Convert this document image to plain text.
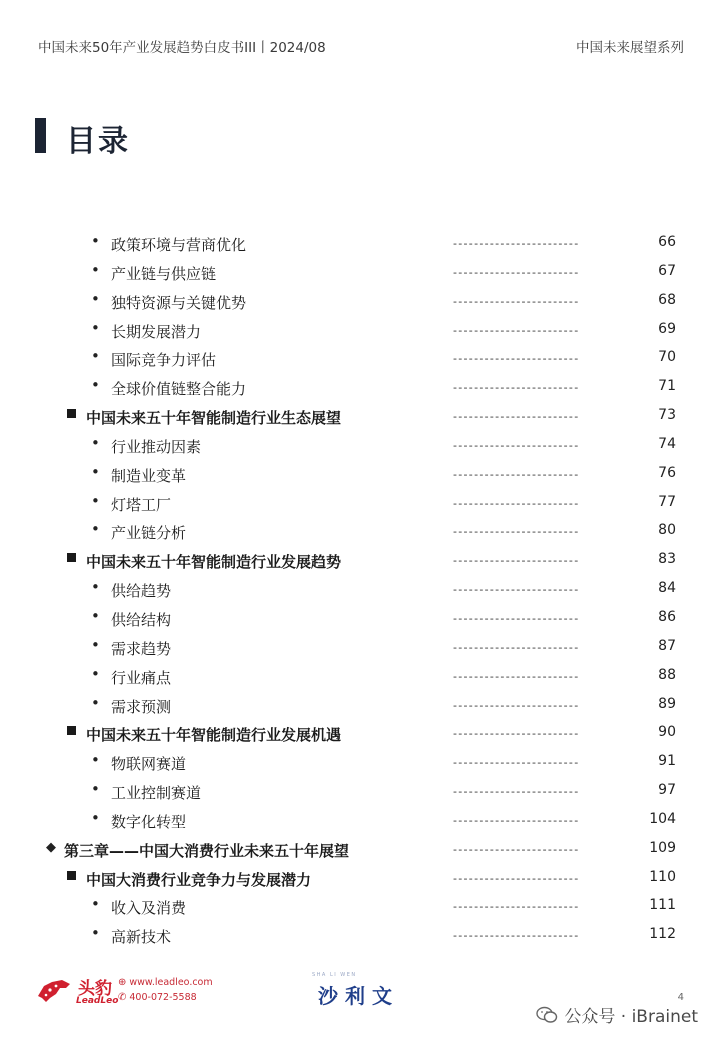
中国未来50年产业发展趋势白皮书III丨2024/08	中国未来展望系列
目录
• 政策环境与营商优化	------------------------	66
• 产业链与供应链	------------------------	67
• 独特资源与关键优势	------------------------	68
• 长期发展潜力	------------------------	69
• 国际竞争力评估	------------------------	70
• 全球价值链整合能力	------------------------	71
中国未来五十年智能制造行业生态展望	------------------------	73
• 行业推动因素	------------------------	74
• 制造业变革	------------------------	76
• 灯塔工厂	------------------------	77
• 产业链分析	------------------------	80
中国未来五十年智能制造行业发展趋势	------------------------	83
• 供给趋势	------------------------	84
• 供给结构	------------------------	86
• 需求趋势	------------------------	87
• 行业痛点	------------------------	88
• 需求预测	------------------------	89
中国未来五十年智能制造行业发展机遇	------------------------	90
• 物联网赛道	------------------------	91
• 工业控制赛道	------------------------	97
• 数字化转型	------------------------	104
◆ 第三章——中国大消费行业未来五十年展望	------------------------	109
中国大消费行业竞争力与发展潜力	------------------------	110
• 收入及消费	------------------------	111
• 高新技术	------------------------	112
头豹
LeadLeo
⊕ www.leadleo.com
✆ 400-072-5588
SHA LI WEN
沙利文	4
公众号 · iBrainet
